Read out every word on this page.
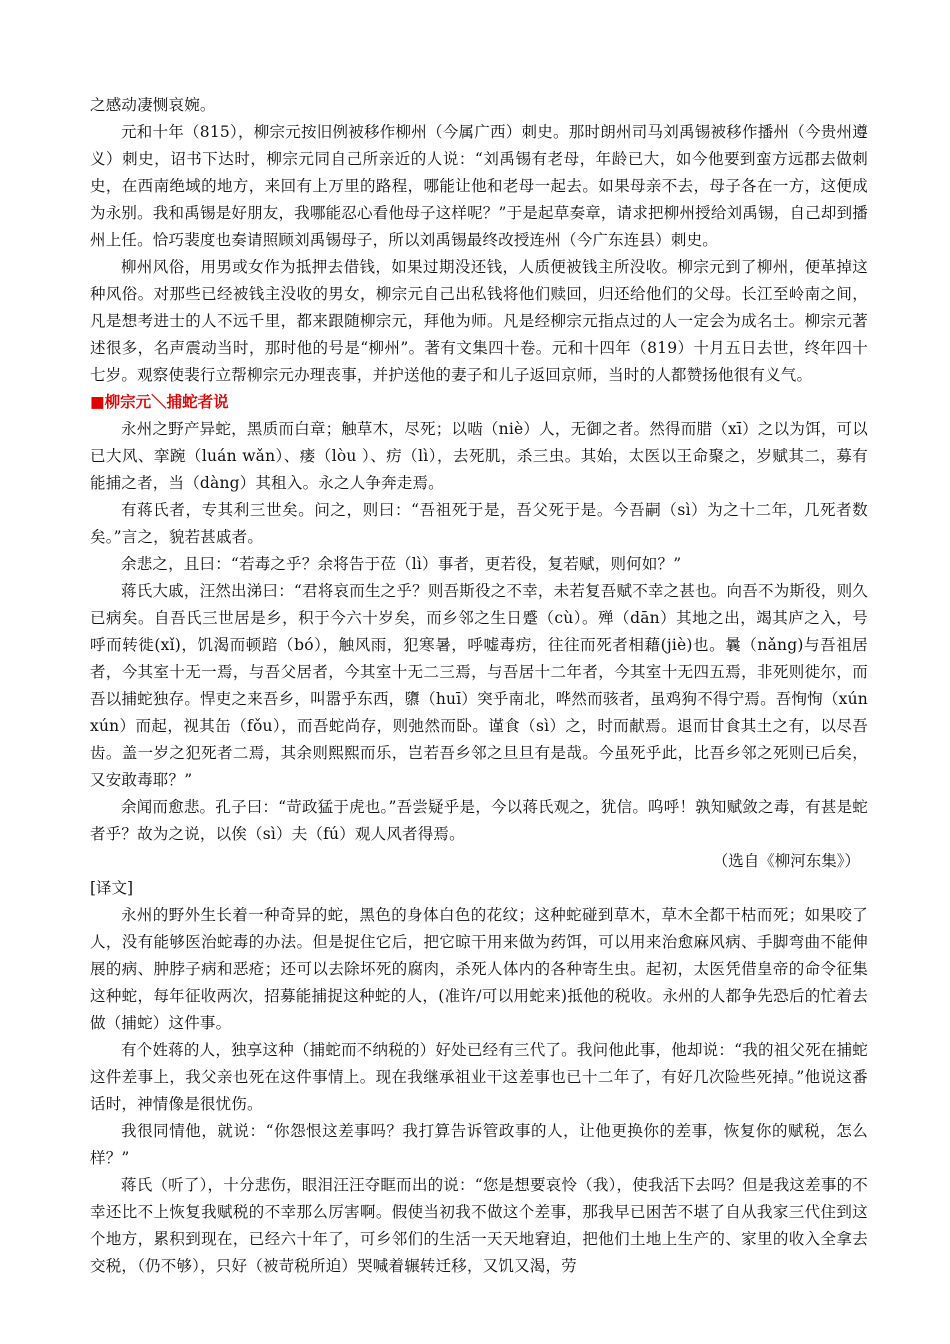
之感动凄恻哀婉。

元和十年（815），柳宗元按旧例被移作柳州（今属广西）刺史。那时朗州司马刘禹锡被移作播州（今贵州遵义）刺史，诏书下达时，柳宗元同自己所亲近的人说：“刘禹锡有老母，年龄已大，如今他要到蛮方远郡去做刺史，在西南绝域的地方，来回有上万里的路程，哪能让他和老母一起去。如果母亲不去，母子各在一方，这便成为永别。我和禹锡是好朋友，我哪能忍心看他母子这样呢？”于是起草奏章，请求把柳州授给刘禹锡，自己却到播州上任。恰巧裴度也奏请照顾刘禹锡母子，所以刘禹锡最终改授连州（今广东连县）刺史。

柳州风俗，用男或女作为抵押去借钱，如果过期没还钱，人质便被钱主所没收。柳宗元到了柳州，便革掉这种风俗。对那些已经被钱主没收的男女，柳宗元自己出私钱将他们赎回，归还给他们的父母。长江至岭南之间，凡是想考进士的人不远千里，都来跟随柳宗元，拜他为师。凡是经柳宗元指点过的人一定会为成名士。柳宗元著述很多，名声震动当时，那时他的号是“柳州”。著有文集四十卷。元和十四年（819）十月五日去世，终年四十七岁。观察使裴行立帮柳宗元办理丧事，并护送他的妻子和儿子返回京师，当时的人都赞扬他很有义气。

■柳宗元＼捕蛇者说

永州之野产异蛇，黑质而白章；触草木，尽死；以啮（niè）人，无御之者。然得而腊（xī）之以为饵，可以已大风、挛踠（luán wǎn）、瘘（lòu ）、疠（lì），去死肌，杀三虫。其始，太医以王命聚之，岁赋其二，募有能捕之者，当（dàng）其租入。永之人争奔走焉。

有蒋氏者，专其利三世矣。问之，则曰：“吾祖死于是，吾父死于是。今吾嗣（sì）为之十二年，几死者数矣。”言之，貌若甚戚者。

余悲之，且曰：“若毒之乎？余将告于莅（lì）事者，更若役，复若赋，则何如？”

蒋氏大戚，汪然出涕曰：“君将哀而生之乎？则吾斯役之不幸，未若复吾赋不幸之甚也。向吾不为斯役，则久已病矣。自吾氏三世居是乡，积于今六十岁矣，而乡邻之生日蹙（cù）。殚（dān）其地之出，竭其庐之入，号呼而转徙(xǐ)，饥渴而顿踣（bó），触风雨，犯寒暑，呼嘘毒疠，往往而死者相藉(jiè)也。曩（nǎng)与吾祖居者，今其室十无一焉，与吾父居者，今其室十无二三焉，与吾居十二年者，今其室十无四五焉，非死则徙尔，而吾以捕蛇独存。悍吏之来吾乡，叫嚣乎东西，隳（huī）突乎南北，哗然而骇者，虽鸡狗不得宁焉。吾恂恂（xún xún）而起，视其缶（fǒu），而吾蛇尚存，则弛然而卧。谨食（sì）之，时而献焉。退而甘食其土之有，以尽吾齿。盖一岁之犯死者二焉，其余则熙熙而乐，岂若吾乡邻之旦旦有是哉。今虽死乎此，比吾乡邻之死则已后矣，又安敢毒耶？”

余闻而愈悲。孔子曰：“苛政猛于虎也。”吾尝疑乎是，今以蒋氏观之，犹信。呜呼！孰知赋敛之毒，有甚是蛇者乎？故为之说，以俟（sì）夫（fú）观人风者得焉。

（选自《柳河东集》）

[译文]

永州的野外生长着一种奇异的蛇，黑色的身体白色的花纹；这种蛇碰到草木，草木全都干枯而死；如果咬了人，没有能够医治蛇毒的办法。但是捉住它后，把它晾干用来做为药饵，可以用来治愈麻风病、手脚弯曲不能伸展的病、肿脖子病和恶疮；还可以去除坏死的腐肉，杀死人体内的各种寄生虫。起初，太医凭借皇帝的命令征集这种蛇，每年征收两次，招募能捕捉这种蛇的人，(准许/可以用蛇来)抵他的税收。永州的人都争先恐后的忙着去做（捕蛇）这件事。

有个姓蒋的人，独享这种（捕蛇而不纳税的）好处已经有三代了。我问他此事，他却说：“我的祖父死在捕蛇这件差事上，我父亲也死在这件事情上。现在我继承祖业干这差事也已十二年了，有好几次险些死掉。”他说这番话时，神情像是很忧伤。

我很同情他，就说：“你怨恨这差事吗？我打算告诉管政事的人，让他更换你的差事，恢复你的赋税，怎么样？”

蒋氏（听了），十分悲伤，眼泪汪汪夺眶而出的说：“您是想要哀怜（我），使我活下去吗？但是我这差事的不幸还比不上恢复我赋税的不幸那么厉害啊。假使当初我不做这个差事，那我早已困苦不堪了自从我家三代住到这个地方，累积到现在，已经六十年了，可乡邻们的生活一天天地窘迫，把他们土地上生产的、家里的收入全拿去交税，（仍不够），只好（被苛税所迫）哭喊着辗转迁移，又饥又渴，劳
